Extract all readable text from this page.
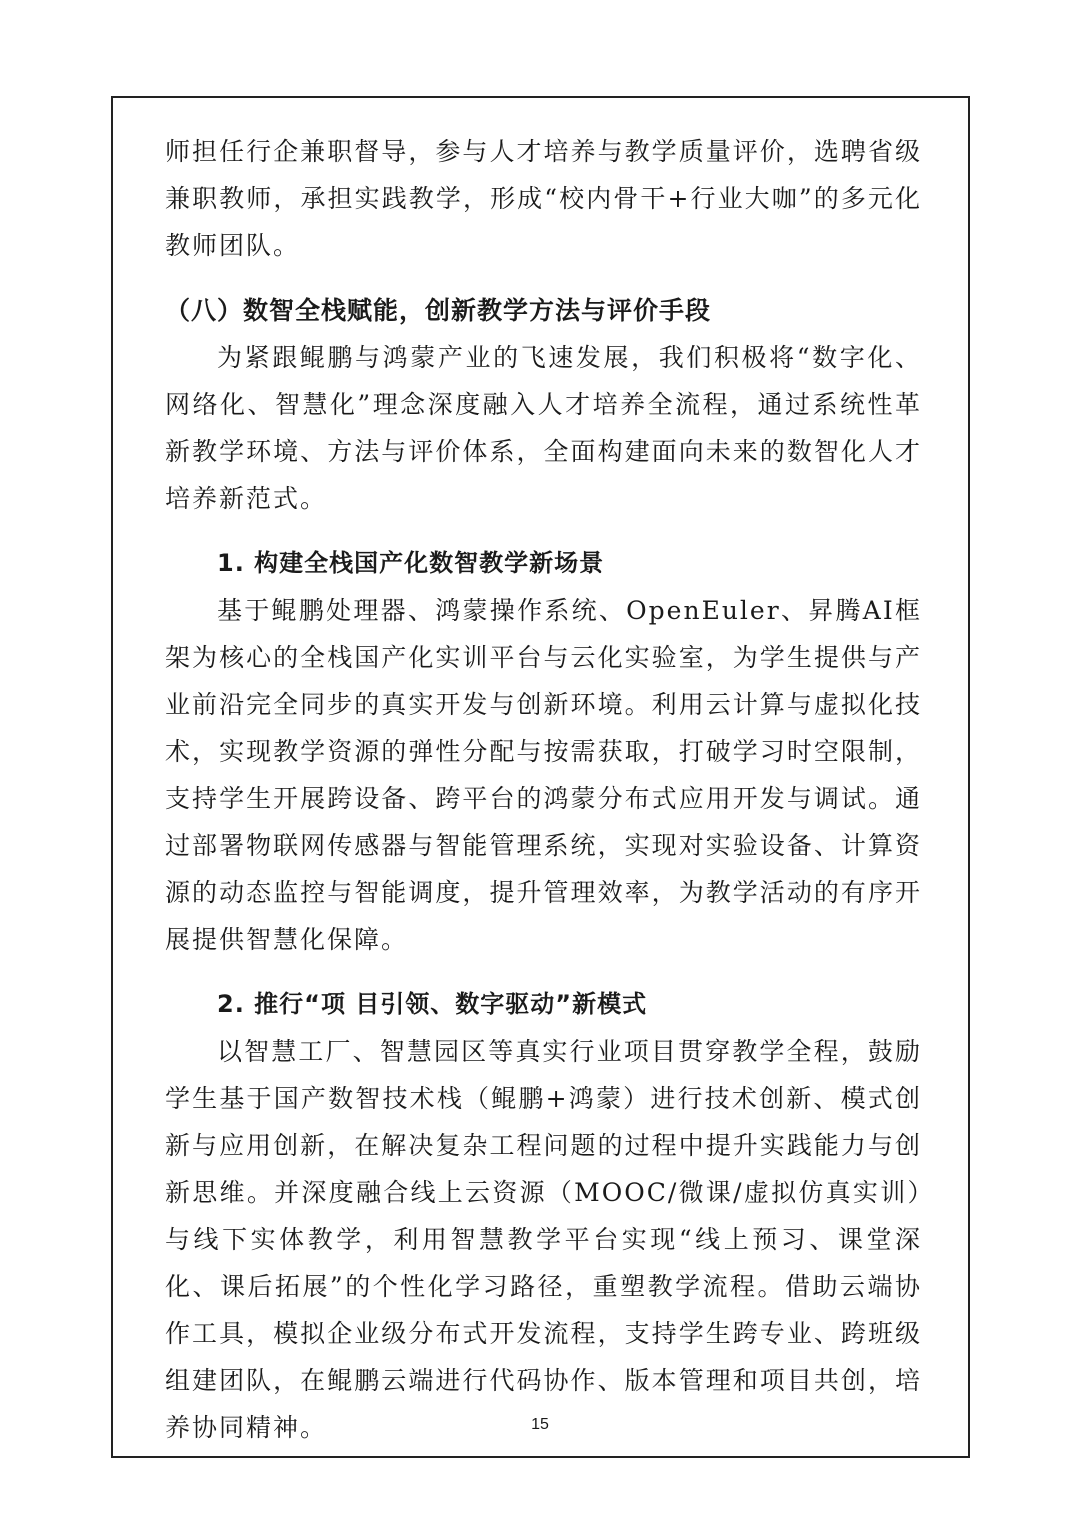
师担任行企兼职督导，参与人才培养与教学质量评价，选聘省级兼职教师，承担实践教学，形成“校内骨干+行业大咖”的多元化教师团队。

（八）数智全栈赋能，创新教学方法与评价手段

为紧跟鲲鹏与鸿蒙产业的飞速发展，我们积极将“数字化、网络化、智慧化”理念深度融入人才培养全流程，通过系统性革新教学环境、方法与评价体系，全面构建面向未来的数智化人才培养新范式。

1. 构建全栈国产化数智教学新场景

基于鲲鹏处理器、鸿蒙操作系统、OpenEuler、昇腾AI框架为核心的全栈国产化实训平台与云化实验室，为学生提供与产业前沿完全同步的真实开发与创新环境。利用云计算与虚拟化技术，实现教学资源的弹性分配与按需获取，打破学习时空限制，支持学生开展跨设备、跨平台的鸿蒙分布式应用开发与调试。通过部署物联网传感器与智能管理系统，实现对实验设备、计算资源的动态监控与智能调度，提升管理效率，为教学活动的有序开展提供智慧化保障。

2. 推行“项 目引领、数字驱动”新模式

以智慧工厂、智慧园区等真实行业项目贯穿教学全程，鼓励学生基于国产数智技术栈（鲲鹏+鸿蒙）进行技术创新、模式创新与应用创新，在解决复杂工程问题的过程中提升实践能力与创新思维。并深度融合线上云资源（MOOC/微课/虚拟仿真实训）与线下实体教学，利用智慧教学平台实现“线上预习、课堂深化、课后拓展”的个性化学习路径，重塑教学流程。借助云端协作工具，模拟企业级分布式开发流程，支持学生跨专业、跨班级组建团队，在鲲鹏云端进行代码协作、版本管理和项目共创，培养协同精神。	15
